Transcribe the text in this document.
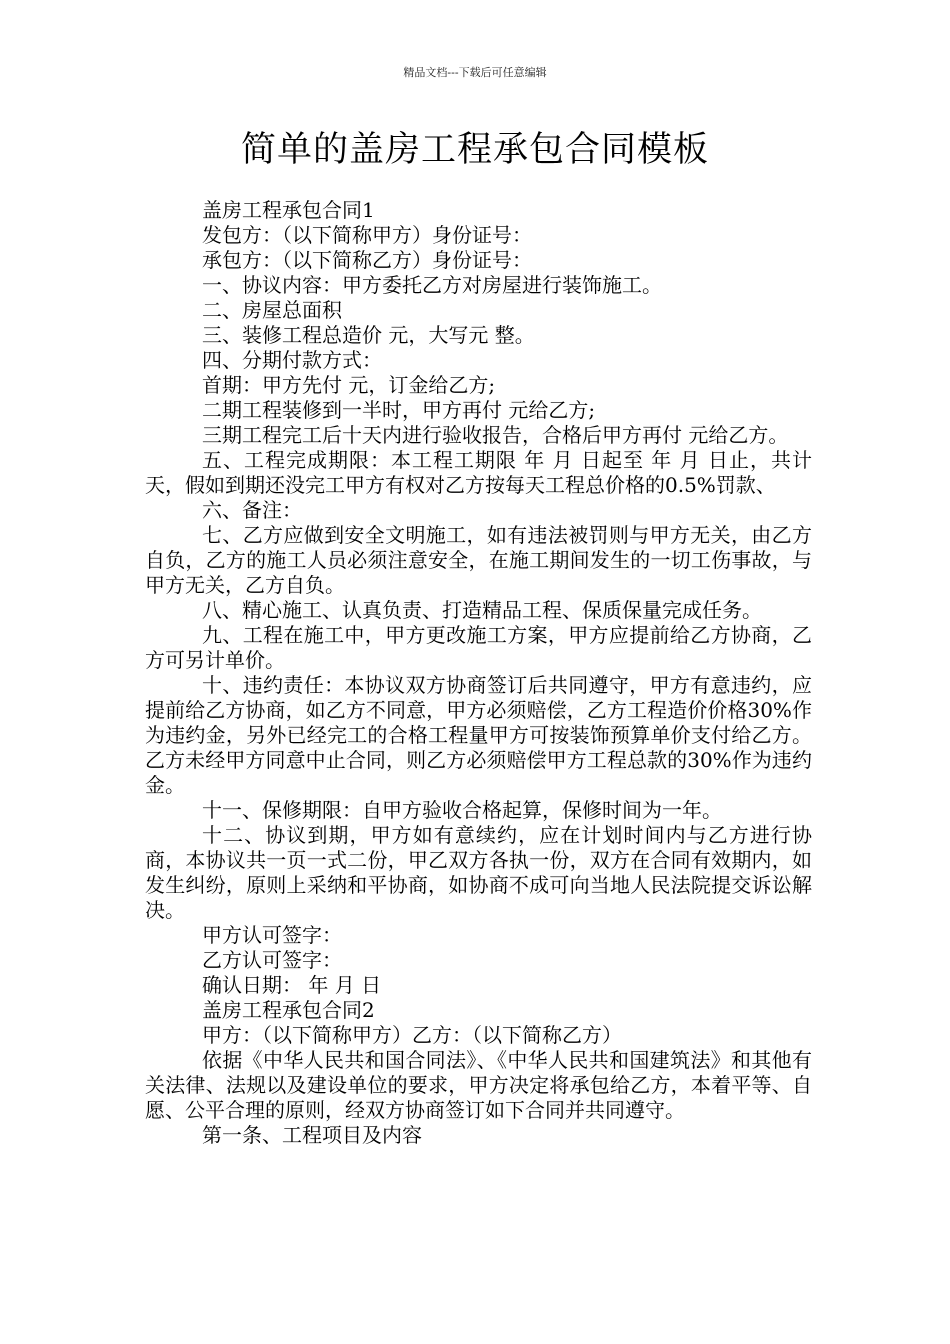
精品文档---下载后可任意编辑
简单的盖房工程承包合同模板

盖房工程承包合同1

发包方：（以下简称甲方）身份证号：

承包方：（以下简称乙方）身份证号：

一、协议内容：甲方委托乙方对房屋进行装饰施工。

二、房屋总面积

三、装修工程总造价 元，大写元 整。

四、分期付款方式：

首期：甲方先付 元，订金给乙方;

二期工程装修到一半时，甲方再付 元给乙方;

三期工程完工后十天内进行验收报告，合格后甲方再付 元给乙方。

五、工程完成期限：本工程工期限 年 月 日起至 年 月 日止，共计 天，假如到期还没完工甲方有权对乙方按每天工程总价格的0.5%罚款、

六、备注：

七、乙方应做到安全文明施工，如有违法被罚则与甲方无关，由乙方自负，乙方的施工人员必须注意安全，在施工期间发生的一切工伤事故，与甲方无关，乙方自负。

八、精心施工、认真负责、打造精品工程、保质保量完成任务。

九、工程在施工中，甲方更改施工方案，甲方应提前给乙方协商，乙方可另计单价。

十、违约责任：本协议双方协商签订后共同遵守，甲方有意违约，应提前给乙方协商，如乙方不同意，甲方必须赔偿，乙方工程造价价格30%作为违约金，另外已经完工的合格工程量甲方可按装饰预算单价支付给乙方。乙方未经甲方同意中止合同，则乙方必须赔偿甲方工程总款的30%作为违约金。

十一、保修期限：自甲方验收合格起算，保修时间为一年。

十二、协议到期，甲方如有意续约，应在计划时间内与乙方进行协商，本协议共一页一式二份，甲乙双方各执一份，双方在合同有效期内，如发生纠纷，原则上采纳和平协商，如协商不成可向当地人民法院提交诉讼解决。

甲方认可签字：

乙方认可签字：

确认日期： 年 月 日

盖房工程承包合同2

甲方：（以下简称甲方）乙方：（以下简称乙方）

依据《中华人民共和国合同法》、《中华人民共和国建筑法》和其他有关法律、法规以及建设单位的要求，甲方决定将承包给乙方，本着平等、自愿、公平合理的原则，经双方协商签订如下合同并共同遵守。

第一条、工程项目及内容
